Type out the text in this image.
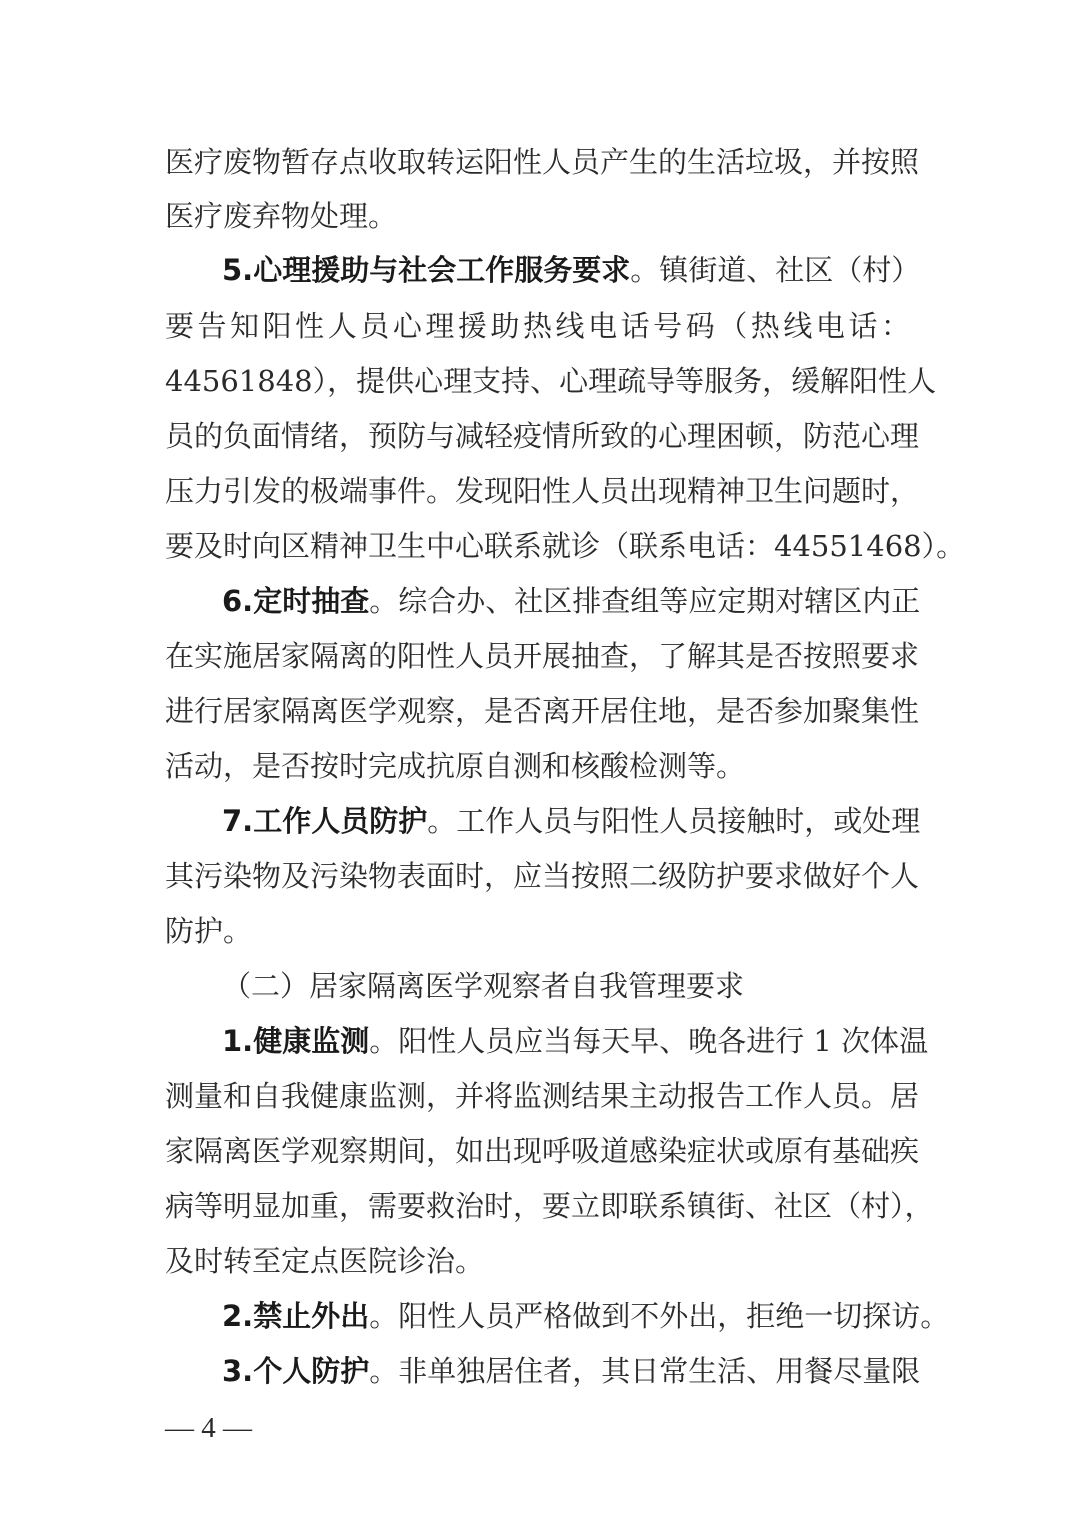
医疗废物暂存点收取转运阳性人员产生的生活垃圾，并按照
医疗废弃物处理。
5.心理援助与社会工作服务要求。镇街道、社区（村）
要告知阳性人员心理援助热线电话号码（热线电话：
44561848），提供心理支持、心理疏导等服务，缓解阳性人
员的负面情绪，预防与减轻疫情所致的心理困顿，防范心理
压力引发的极端事件。发现阳性人员出现精神卫生问题时，
要及时向区精神卫生中心联系就诊（联系电话：44551468）。
6.定时抽查。综合办、社区排查组等应定期对辖区内正
在实施居家隔离的阳性人员开展抽查，了解其是否按照要求
进行居家隔离医学观察，是否离开居住地，是否参加聚集性
活动，是否按时完成抗原自测和核酸检测等。
7.工作人员防护。工作人员与阳性人员接触时，或处理
其污染物及污染物表面时，应当按照二级防护要求做好个人
防护。
（二）居家隔离医学观察者自我管理要求
1.健康监测。阳性人员应当每天早、晚各进行 1 次体温
测量和自我健康监测，并将监测结果主动报告工作人员。居
家隔离医学观察期间，如出现呼吸道感染症状或原有基础疾
病等明显加重，需要救治时，要立即联系镇街、社区（村），
及时转至定点医院诊治。
2.禁止外出。阳性人员严格做到不外出，拒绝一切探访。
3.个人防护。非单独居住者，其日常生活、用餐尽量限
— 4 —
